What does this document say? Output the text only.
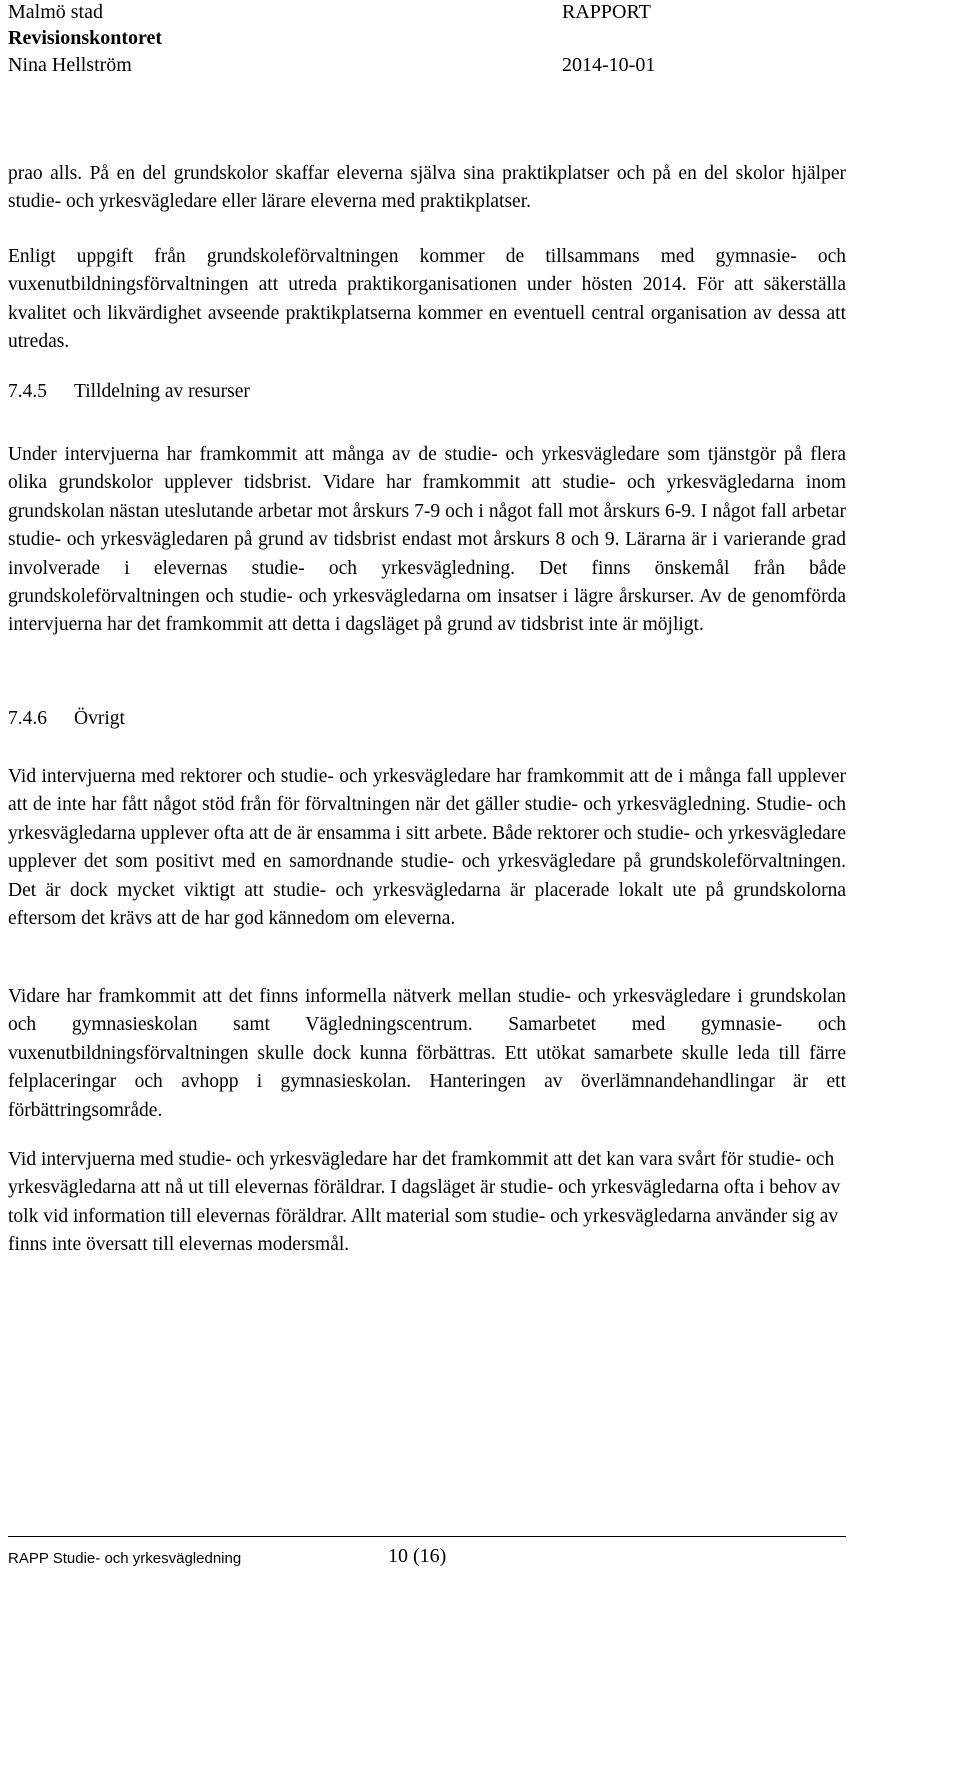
Malmö stad	RAPPORT
Revisionskontoret
Nina Hellström	2014-10-01

prao alls. På en del grundskolor skaffar eleverna själva sina praktikplatser och på en del skolor hjälper studie- och yrkesvägledare eller lärare eleverna med praktikplatser.

Enligt uppgift från grundskoleförvaltningen kommer de tillsammans med gymnasie- och vuxenutbildningsförvaltningen att utreda praktikorganisationen under hösten 2014. För att säkerställa kvalitet och likvärdighet avseende praktikplatserna kommer en eventuell central organisation av dessa att utredas.

7.4.5	Tilldelning av resurser

Under intervjuerna har framkommit att många av de studie- och yrkesvägledare som tjänstgör på flera olika grundskolor upplever tidsbrist. Vidare har framkommit att studie- och yrkesvägledarna inom grundskolan nästan uteslutande arbetar mot årskurs 7-9 och i något fall mot årskurs 6-9. I något fall arbetar studie- och yrkesvägledaren på grund av tidsbrist endast mot årskurs 8 och 9. Lärarna är i varierande grad involverade i elevernas studie- och yrkesvägledning. Det finns önskemål från både grundskoleförvaltningen och studie- och yrkesvägledarna om insatser i lägre årskurser. Av de genomförda intervjuerna har det framkommit att detta i dagsläget på grund av tidsbrist inte är möjligt.

7.4.6	Övrigt

Vid intervjuerna med rektorer och studie- och yrkesvägledare har framkommit att de i många fall upplever att de inte har fått något stöd från för förvaltningen när det gäller studie- och yrkesvägledning. Studie- och yrkesvägledarna upplever ofta att de är ensamma i sitt arbete. Både rektorer och studie- och yrkesvägledare upplever det som positivt med en samordnande studie- och yrkesvägledare på grundskoleförvaltningen. Det är dock mycket viktigt att studie- och yrkesvägledarna är placerade lokalt ute på grundskolorna eftersom det krävs att de har god kännedom om eleverna.

Vidare har framkommit att det finns informella nätverk mellan studie- och yrkesvägledare i grundskolan och gymnasieskolan samt Vägledningscentrum. Samarbetet med gymnasie- och vuxenutbildningsförvaltningen skulle dock kunna förbättras. Ett utökat samarbete skulle leda till färre felplaceringar och avhopp i gymnasieskolan. Hanteringen av överlämnandehandlingar är ett förbättringsområde.

Vid intervjuerna med studie- och yrkesvägledare har det framkommit att det kan vara svårt för studie- och yrkesvägledarna att nå ut till elevernas föräldrar. I dagsläget är studie- och yrkesvägledarna ofta i behov av tolk vid information till elevernas föräldrar. Allt material som studie- och yrkesvägledarna använder sig av finns inte översatt till elevernas modersmål.

RAPP Studie- och yrkesvägledning	10 (16)
